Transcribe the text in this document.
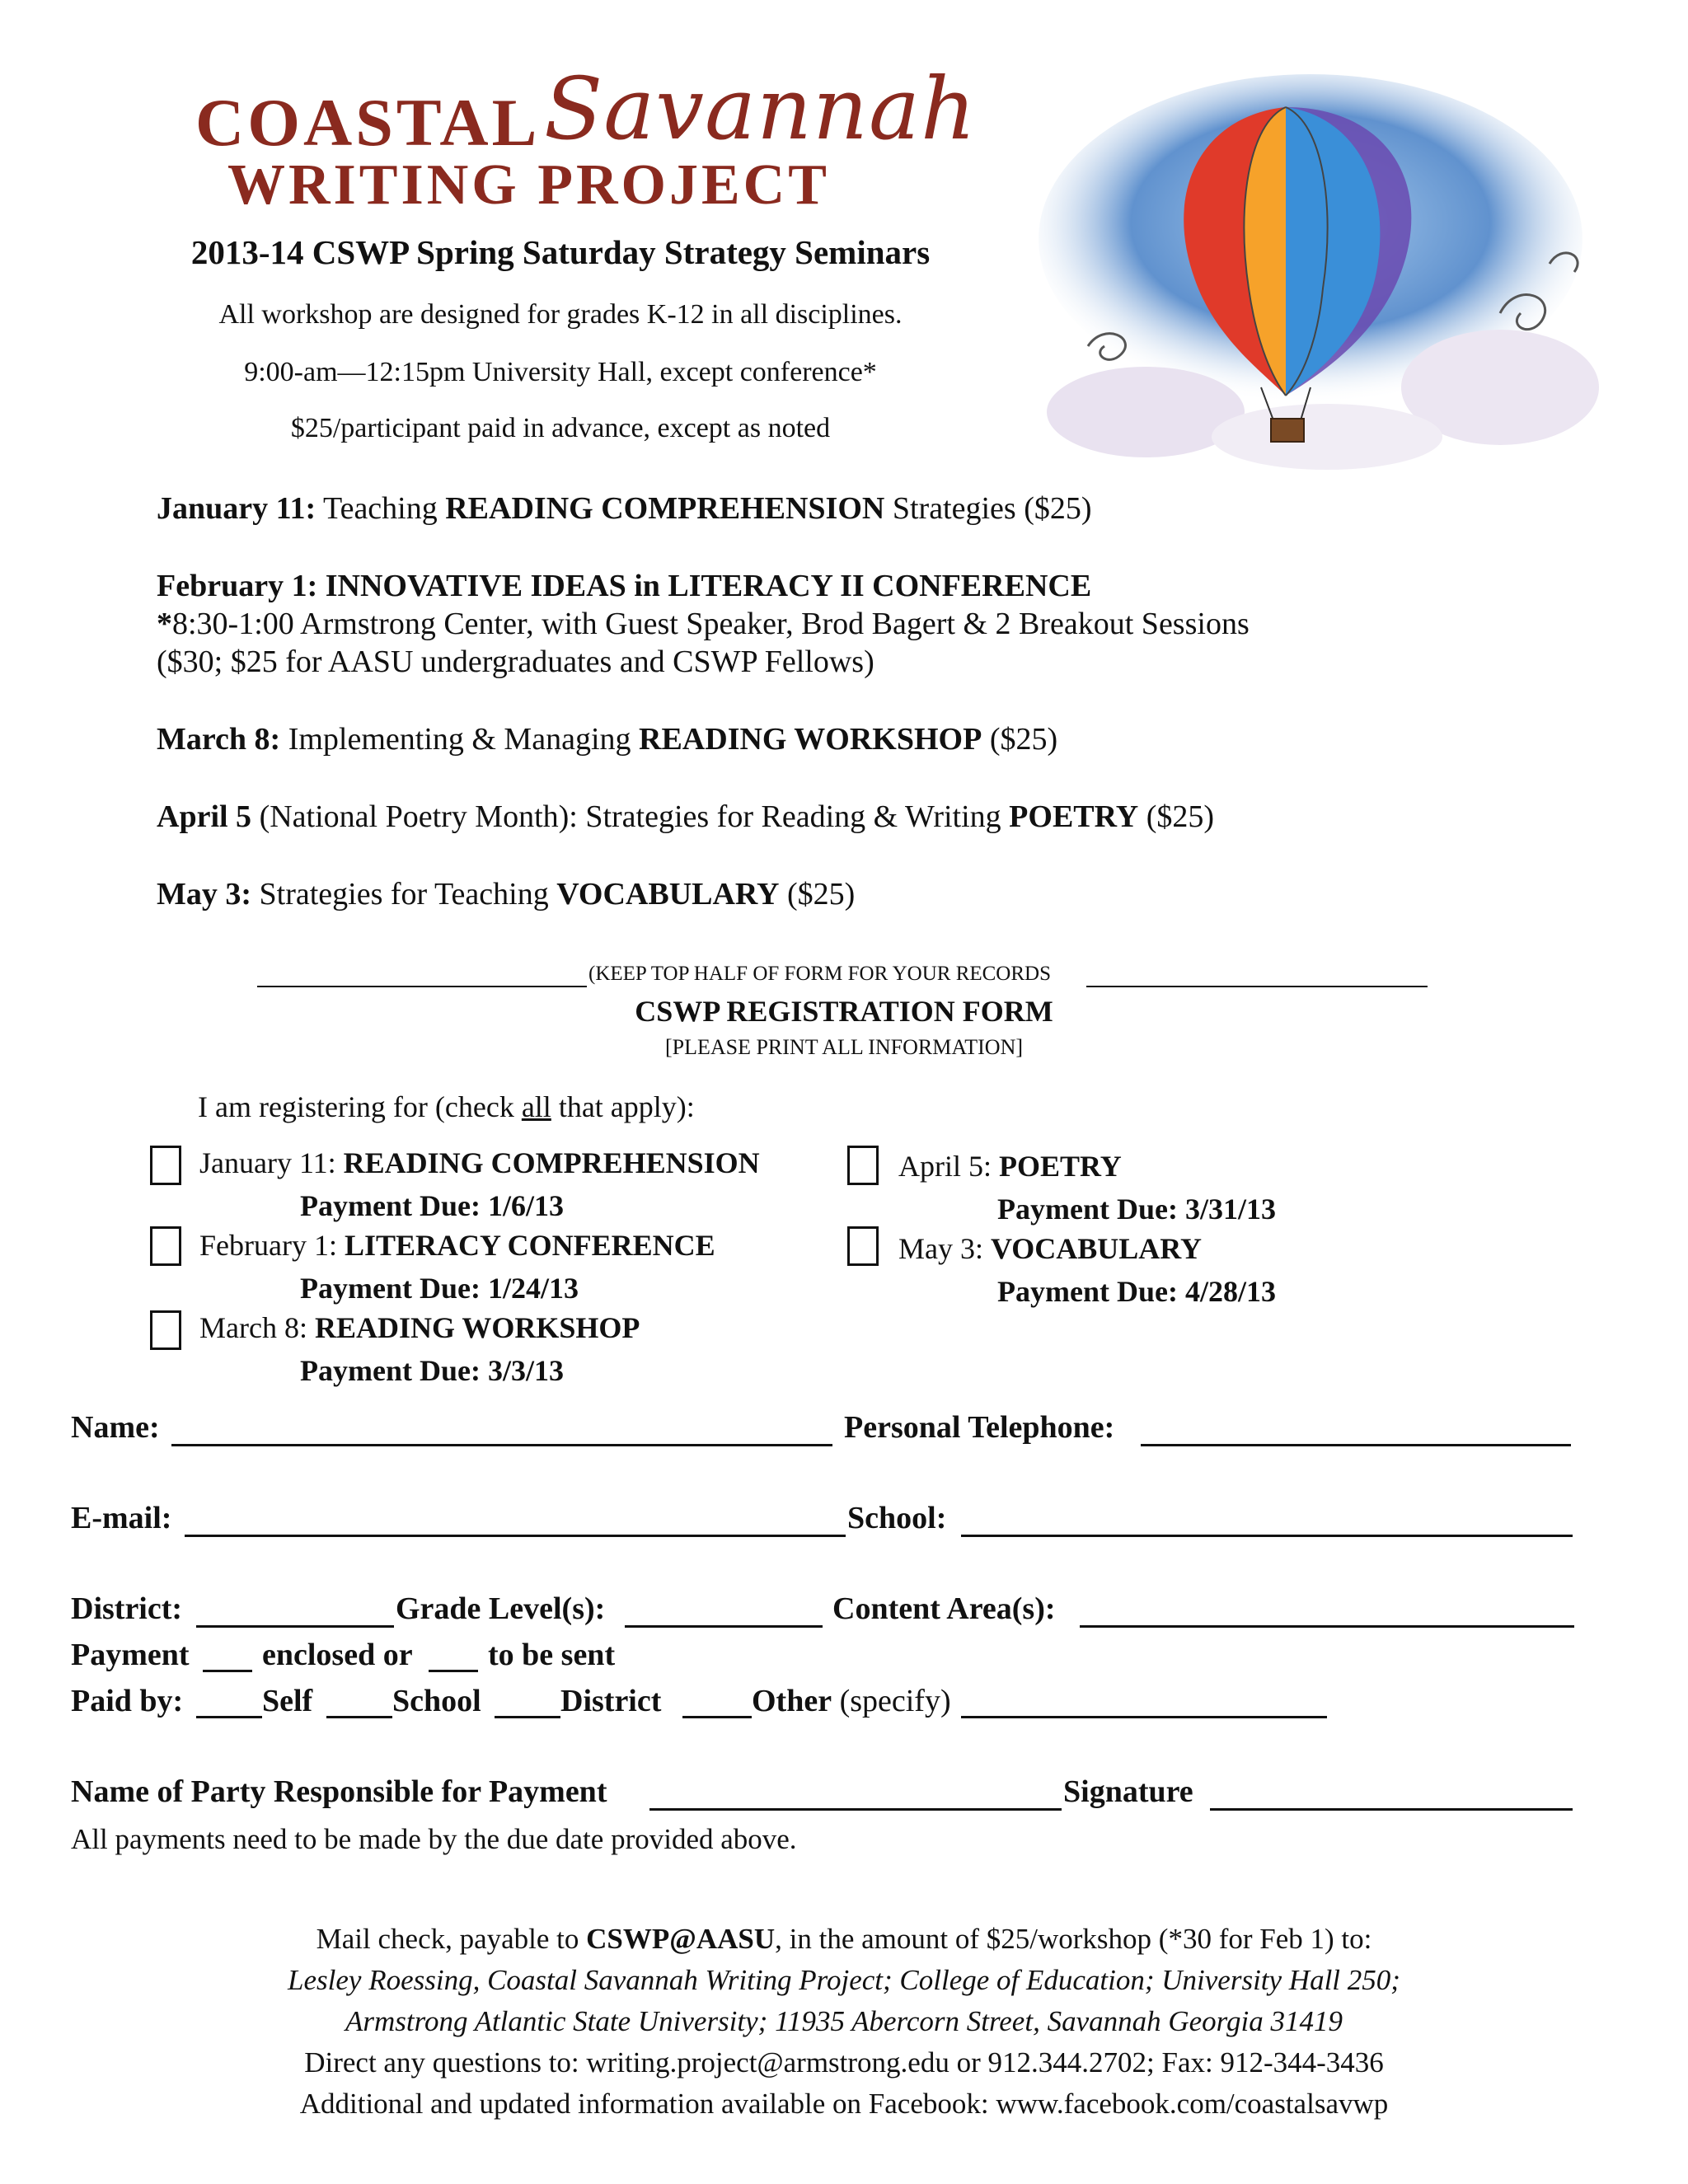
COASTAL Savannah
WRITING PROJECT
2013-14 CSWP Spring Saturday Strategy Seminars
All workshop are designed for grades K-12 in all disciplines.
9:00-am—12:15pm University Hall, except conference*
$25/participant paid in advance, except as noted
January 11: Teaching READING COMPREHENSION Strategies ($25)
February 1: INNOVATIVE IDEAS in LITERACY II CONFERENCE
*8:30-1:00 Armstrong Center, with Guest Speaker, Brod Bagert & 2 Breakout Sessions
($30; $25 for AASU undergraduates and CSWP Fellows)
March 8: Implementing & Managing READING WORKSHOP ($25)
April 5 (National Poetry Month): Strategies for Reading & Writing POETRY ($25)
May 3: Strategies for Teaching VOCABULARY ($25)
(KEEP TOP HALF OF FORM FOR YOUR RECORDS
CSWP REGISTRATION FORM
[PLEASE PRINT ALL INFORMATION]
I am registering for (check all that apply):
January 11: READING COMPREHENSION
Payment Due: 1/6/13
February 1: LITERACY CONFERENCE
Payment Due: 1/24/13
March 8: READING WORKSHOP
Payment Due: 3/3/13
April 5: POETRY
Payment Due: 3/31/13
May 3: VOCABULARY
Payment Due: 4/28/13
Name:	Personal Telephone:
E-mail:	School:
District:	Grade Level(s):	Content Area(s):
Payment enclosed or to be sent
Paid by:	Self	School	District	Other (specify)
Name of Party Responsible for Payment	Signature
All payments need to be made by the due date provided above.
Mail check, payable to CSWP@AASU, in the amount of $25/workshop (*30 for Feb 1) to:
Lesley Roessing, Coastal Savannah Writing Project; College of Education; University Hall 250;
Armstrong Atlantic State University; 11935 Abercorn Street, Savannah Georgia 31419
Direct any questions to: writing.project@armstrong.edu or 912.344.2702; Fax: 912-344-3436
Additional and updated information available on Facebook: www.facebook.com/coastalsavwp
